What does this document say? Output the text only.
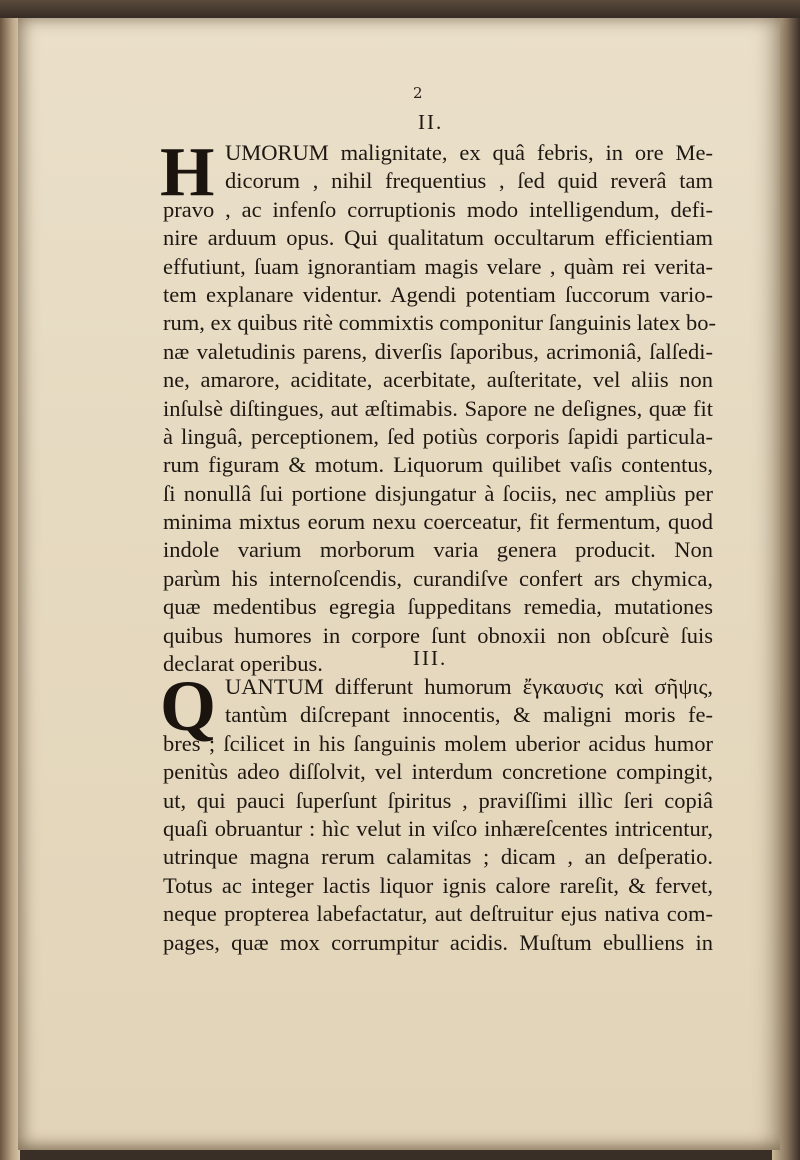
2
II.
H UMORUM malignitate, ex quâ febris, in ore Me-
dicorum , nihil frequentius , ſed quid reverâ tam
pravo , ac infenſo corruptionis modo intelligendum, defi-
nire arduum opus. Qui qualitatum occultarum efficientiam
effutiunt, ſuam ignorantiam magis velare , quàm rei verita-
tem explanare videntur. Agendi potentiam ſuccorum vario-
rum, ex quibus ritè commixtis componitur ſanguinis latex bo-
næ valetudinis parens, diverſis ſaporibus, acrimoniâ, ſalſedi-
ne, amarore, aciditate, acerbitate, auſteritate, vel aliis non
inſulsè diſtingues, aut æſtimabis. Sapore ne deſignes, quæ fit
à linguâ, perceptionem, ſed potiùs corporis ſapidi particula-
rum figuram & motum. Liquorum quilibet vaſis contentus,
ſi nonullâ ſui portione disjungatur à ſociis, nec ampliùs per
minima mixtus eorum nexu coerceatur, fit fermentum, quod
indole varium morborum varia genera producit. Non
parùm his internoſcendis, curandiſve confert ars chymica,
quæ medentibus egregia ſuppeditans remedia, mutationes
quibus humores in corpore ſunt obnoxii non obſcurè ſuis
declarat operibus.	III.
Q UANTUM differunt humorum ἔγκαυσις καὶ σῆψις,
tantùm diſcrepant innocentis, & maligni moris fe-
bres ; ſcilicet in his ſanguinis molem uberior acidus humor
penitùs adeo diſſolvit, vel interdum concretione compingit,
ut, qui pauci ſuperſunt ſpiritus , praviſſimi illìc ſeri copiâ
quaſi obruantur : hìc velut in viſco inhæreſcentes intricentur,
utrinque magna rerum calamitas ; dicam , an deſperatio.
Totus ac integer lactis liquor ignis calore rareſit, & fervet,
neque propterea labefactatur, aut deſtruitur ejus nativa com-
pages, quæ mox corrumpitur acidis. Muſtum ebulliens in
